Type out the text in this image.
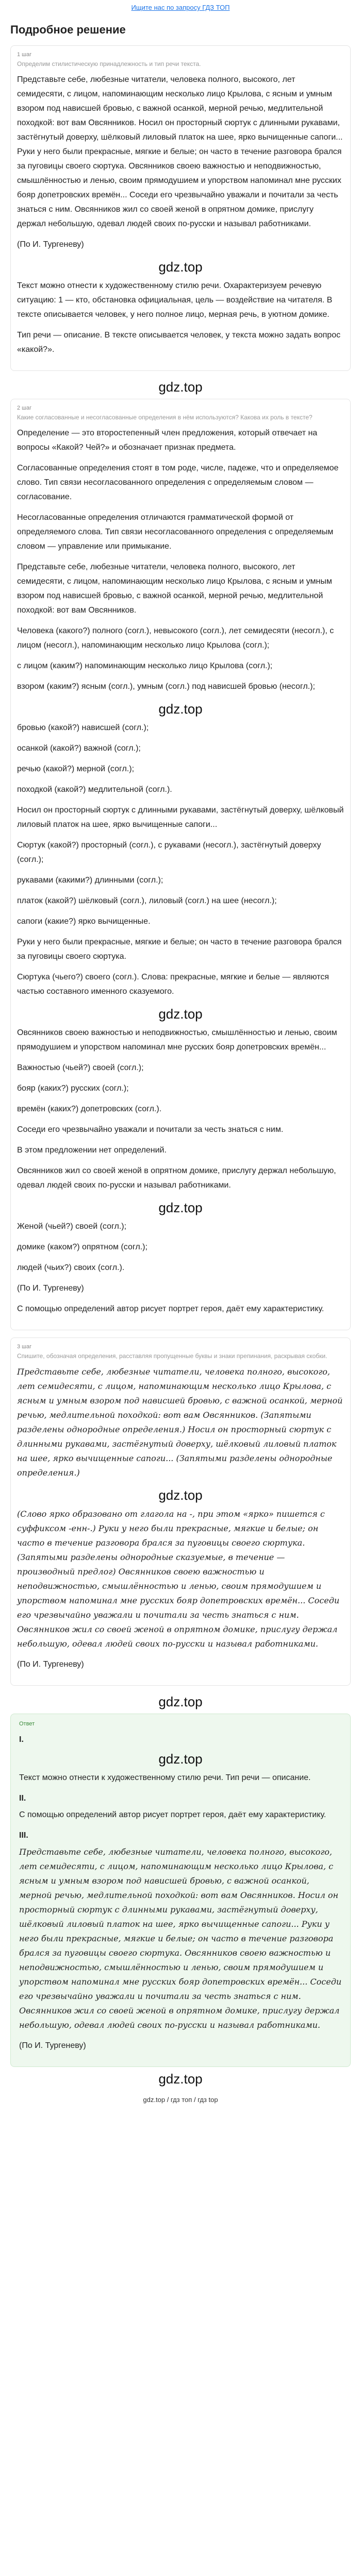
Ищите нас по запросу ГДЗ ТОП
Подробное решение
1 шаг
Определим стилистическую принадлежность и тип речи текста.

Представьте себе, любезные читатели, человека полного, высокого, лет семидесяти, с лицом, напоминающим несколько лицо Крылова, с ясным и умным взором под нависшей бровью, с важной осанкой, мерной речью, медлительной походкой: вот вам Овсянников. Носил он просторный сюртук с длинными рукавами, застёгнутый доверху, шёлковый лиловый платок на шее, ярко вычищенные сапоги... Руки у него были прекрасные, мягкие и белые; он часто в течение разговора брался за пуговицы своего сюртука. Овсянников своею важностью и неподвижностью, смышлённостью и ленью, своим прямодушием и упорством напоминал мне русских бояр допетровских времён... Соседи его чрезвычайно уважали и почитали за честь знаться с ним. Овсянников жил со своей женой в опрятном домике, прислугу держал небольшую, одевал людей своих по-русски и называл работниками.

(По И. Тургеневу)

gdz.top

Текст можно отнести к художественному стилю речи. Охарактеризуем речевую ситуацию: 1 — кто, обстановка официальная, цель — воздействие на читателя. В тексте описывается человек, у него полное лицо, мерная речь, в уютном домике.

Тип речи — описание. В тексте описывается человек, у текста можно задать вопрос «какой?».

gdz.top
2 шаг
Какие согласованные и несогласованные определения в нём используются? Какова их роль в тексте?

Определение — это второстепенный член предложения, который отвечает на вопросы «Какой? Чей?» и обозначает признак предмета.

Согласованные определения стоят в том роде, числе, падеже, что и определяемое слово. Тип связи несогласованного определения с определяемым словом — согласование.

Несогласованные определения отличаются грамматической формой от определяемого слова. Тип связи несогласованного определения с определяемым словом — управление или примыкание.

Представьте себе, любезные читатели, человека полного, высокого, лет семидесяти, с лицом, напоминающим несколько лицо Крылова, с ясным и умным взором под нависшей бровью, с важной осанкой, мерной речью, медлительной походкой: вот вам Овсянников.

Человека (какого?) полного (согл.), невысокого (согл.), лет семидесяти (несогл.), с лицом (несогл.), напоминающим несколько лицо Крылова (согл.);

с лицом (каким?) напоминающим несколько лицо Крылова (согл.);

взором (каким?) ясным (согл.), умным (согл.) под нависшей бровью (несогл.);

gdz.top

бровью (какой?) нависшей (согл.);

осанкой (какой?) важной (согл.);

речью (какой?) мерной (согл.);

походкой (какой?) медлительной (согл.).

Носил он просторный сюртук с длинными рукавами, застёгнутый доверху, шёлковый лиловый платок на шее, ярко вычищенные сапоги...

Сюртук (какой?) просторный (согл.), с рукавами (несогл.), застёгнутый доверху (согл.);

рукавами (какими?) длинными (согл.);

платок (какой?) шёлковый (согл.), лиловый (согл.) на шее (несогл.);

сапоги (какие?) ярко вычищенные.

Руки у него были прекрасные, мягкие и белые; он часто в течение разговора брался за пуговицы своего сюртука.

Сюртука (чьего?) своего (согл.). Слова: прекрасные, мягкие и белые — являются частью составного именного сказуемого.

gdz.top

Овсянников своею важностью и неподвижностью, смышлённостью и ленью, своим прямодушием и упорством напоминал мне русских бояр допетровских времён...

Важностью (чьей?) своей (согл.);

бояр (каких?) русских (согл.);

времён (каких?) допетровских (согл.).

Соседи его чрезвычайно уважали и почитали за честь знаться с ним.

В этом предложении нет определений.

Овсянников жил со своей женой в опрятном домике, прислугу держал небольшую, одевал людей своих по-русски и называл работниками.

gdz.top

Женой (чьей?) своей (согл.);

домике (каком?) опрятном (согл.);

людей (чьих?) своих (согл.).

(По И. Тургеневу)

С помощью определений автор рисует портрет героя, даёт ему характеристику.

3 шаг
Спишите, обозначая определения, расставляя пропущенные буквы и знаки препинания, раскрывая скобки.

Представьте себе, любезные читатели, человека полного, высокого, лет семидесяти, с лицом, напоминающим несколько лицо Крылова, с ясным и умным взором под нависшей бровью, с важной осанкой, мерной речью, медлительной походкой: вот вам Овсянников. (Запятыми разделены однородные определения.) Носил он просторный сюртук с длинными рукавами, застёгнутый доверху, шёлковый лиловый платок на шее, ярко вычищенные сапоги... (Запятыми разделены однородные определения.)

gdz.top

(Слово ярко образовано от глагола на -, при этом «ярко» пишется с суффиксом -енн-.) Руки у него были прекрасные, мягкие и белые; он часто в течение разговора брался за пуговицы своего сюртука. (Запятыми разделены однородные сказуемые, в течение — производный предлог) Овсянников своею важностью и неподвижностью, смышлённостью и ленью, своим прямодушием и упорством напоминал мне русских бояр допетровских времён... Соседи его чрезвычайно уважали и почитали за честь знаться с ним. Овсянников жил со своей женой в опрятном домике, прислугу держал небольшую, одевал людей своих по-русски и называл работниками.

(По И. Тургеневу)

gdz.top
Ответ
I.
gdz.top

Текст можно отнести к художественному стилю речи. Тип речи — описание.

II.

С помощью определений автор рисует портрет героя, даёт ему характеристику.

III.

Представьте себе, любезные читатели, человека полного, высокого, лет семидесяти, с лицом, напоминающим несколько лицо Крылова, с ясным и умным взором под нависшей бровью, с важной осанкой, мерной речью, медлительной походкой: вот вам Овсянников. Носил он просторный сюртук с длинными рукавами, застёгнутый доверху, шёлковый лиловый платок на шее, ярко вычищенные сапоги... Руки у него были прекрасные, мягкие и белые; он часто в течение разговора брался за пуговицы своего сюртука. Овсянников своею важностью и неподвижностью, смышлённостью и ленью, своим прямодушием и упорством напоминал мне русских бояр допетровских времён... Соседи его чрезвычайно уважали и почитали за честь знаться с ним. Овсянников жил со своей женой в опрятном домике, прислугу держал небольшую, одевал людей своих по-русски и называл работниками.

(По И. Тургеневу)

gdz.top
gdz.top / гдз топ / гдз top
